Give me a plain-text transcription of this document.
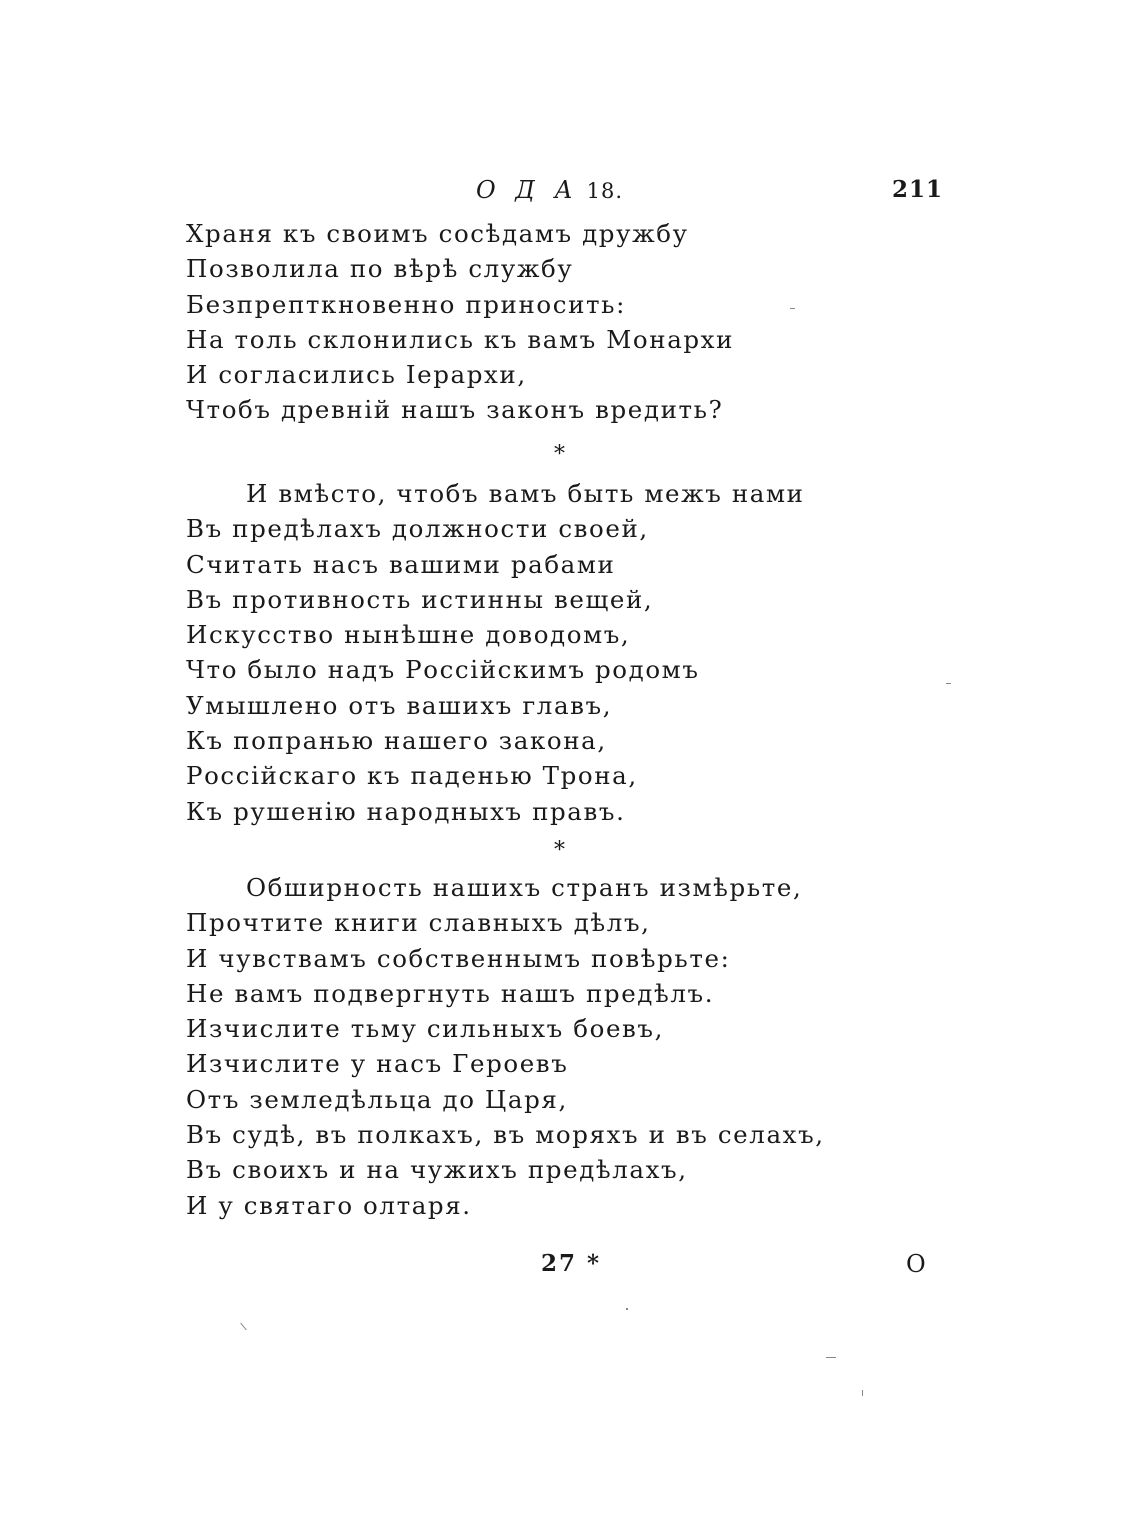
О Д А 18.	211
Храня къ своимъ сосѣдамъ дружбу
Позволила по вѣрѣ службу
Безпрепткновенно приносить:
На толь склонились къ вамъ Монархи
И согласились Іерархи,
Чтобъ древній нашъ законъ вредить?
*
И вмѣсто, чтобъ вамъ быть межъ нами
Въ предѣлахъ должности своей,
Считать насъ вашими рабами
Въ противность истинны вещей,
Искусство нынѣшне доводомъ,
Что было надъ Россійскимъ родомъ
Умышлено отъ вашихъ главъ,
Къ попранью нашего закона,
Россійскаго къ паденью Трона,
Къ рушенію народныхъ правъ.
*
Обширность нашихъ странъ измѣрьте,
Прочтите книги славныхъ дѣлъ,
И чувствамъ собственнымъ повѣрьте:
Не вамъ подвергнуть нашъ предѣлъ.
Изчислите тьму сильныхъ боевъ,
Изчислите у насъ Героевъ
Отъ земледѣльца до Царя,
Въ судѣ, въ полкахъ, въ моряхъ и въ селахъ,
Въ своихъ и на чужихъ предѣлахъ,
И у святаго олтаря.
27 *	О
